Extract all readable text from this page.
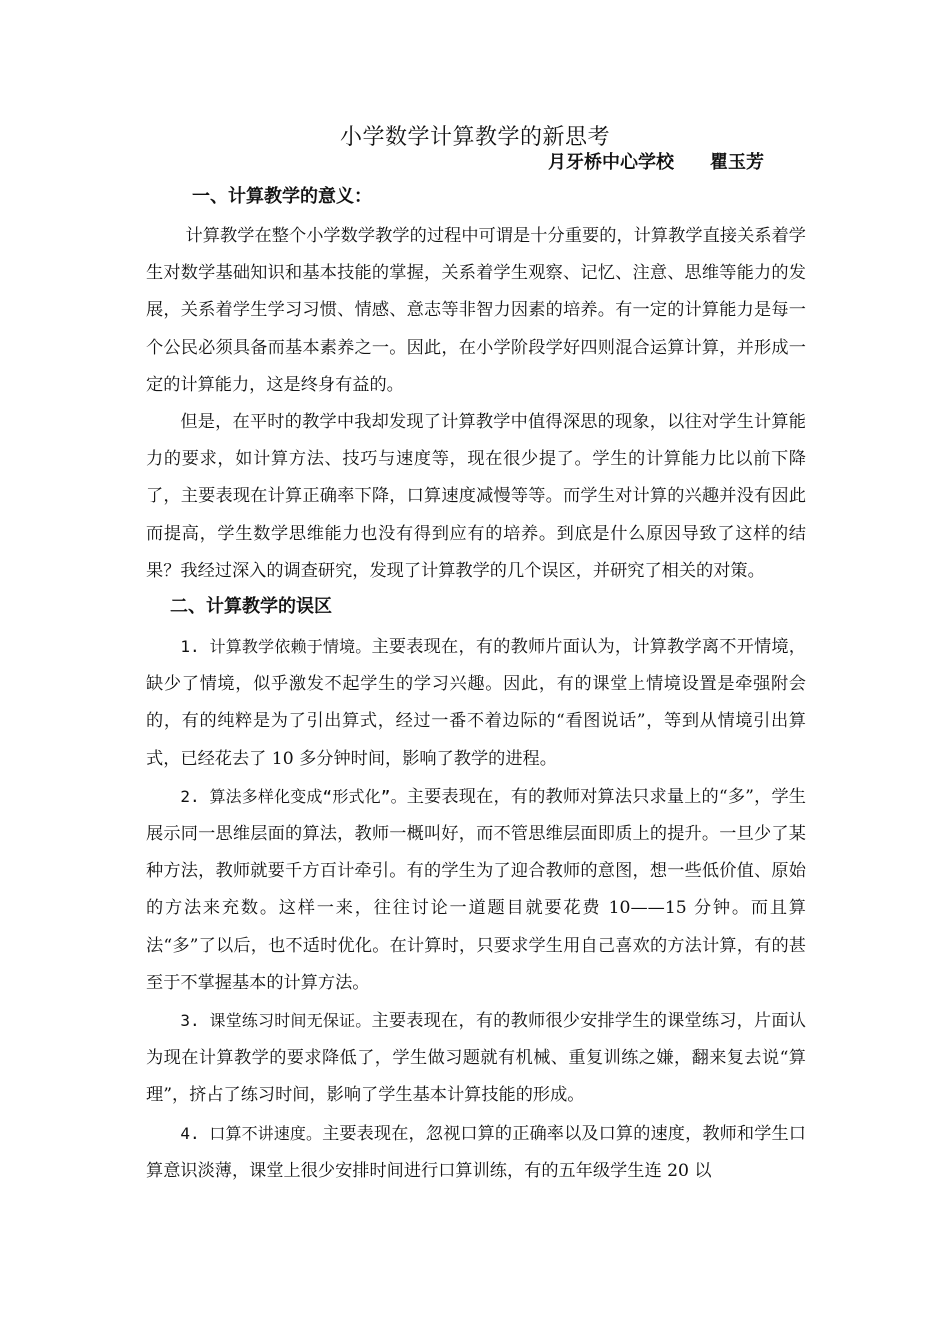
小学数学计算教学的新思考
月牙桥中心学校 瞿玉芳
一、计算教学的意义：

计算教学在整个小学数学教学的过程中可谓是十分重要的，计算教学直接关系着学生对数学基础知识和基本技能的掌握，关系着学生观察、记忆、注意、思维等能力的发展，关系着学生学习习惯、情感、意志等非智力因素的培养。有一定的计算能力是每一个公民必须具备而基本素养之一。因此，在小学阶段学好四则混合运算计算，并形成一定的计算能力，这是终身有益的。

但是，在平时的教学中我却发现了计算教学中值得深思的现象，以往对学生计算能力的要求，如计算方法、技巧与速度等，现在很少提了。学生的计算能力比以前下降了，主要表现在计算正确率下降，口算速度减慢等等。而学生对计算的兴趣并没有因此而提高，学生数学思维能力也没有得到应有的培养。到底是什么原因导致了这样的结果？我经过深入的调查研究，发现了计算教学的几个误区，并研究了相关的对策。

二、计算教学的误区

1. 计算教学依赖于情境。主要表现在，有的教师片面认为，计算教学离不开情境，缺少了情境，似乎激发不起学生的学习兴趣。因此，有的课堂上情境设置是牵强附会的，有的纯粹是为了引出算式，经过一番不着边际的“看图说话”，等到从情境引出算式，已经花去了 10 多分钟时间，影响了教学的进程。

2. 算法多样化变成“形式化”。主要表现在，有的教师对算法只求量上的“多”，学生展示同一思维层面的算法，教师一概叫好，而不管思维层面即质上的提升。一旦少了某种方法，教师就要千方百计牵引。有的学生为了迎合教师的意图，想一些低价值、原始的方法来充数。这样一来，往往讨论一道题目就要花费 10——15 分钟。而且算法“多”了以后，也不适时优化。在计算时，只要求学生用自己喜欢的方法计算，有的甚至于不掌握基本的计算方法。

3. 课堂练习时间无保证。主要表现在，有的教师很少安排学生的课堂练习，片面认为现在计算教学的要求降低了，学生做习题就有机械、重复训练之嫌，翻来复去说“算理”，挤占了练习时间，影响了学生基本计算技能的形成。

4. 口算不讲速度。主要表现在，忽视口算的正确率以及口算的速度，教师和学生口算意识淡薄，课堂上很少安排时间进行口算训练，有的五年级学生连 20 以
